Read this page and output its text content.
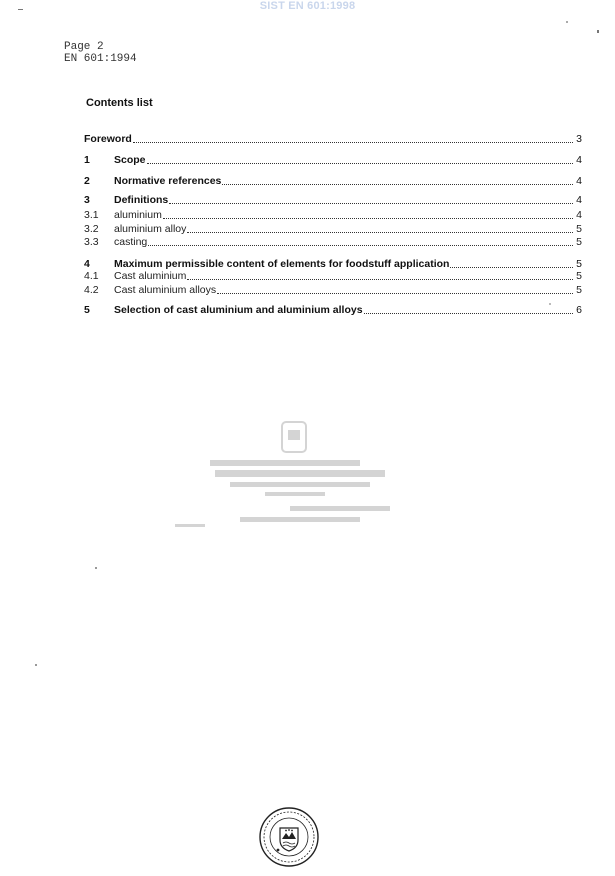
SIST EN 601:1998
Page 2
EN 601:1994
Contents list
Foreword	3
1	Scope	4
2	Normative references	4
3	Definitions	4
3.1	aluminium	4
3.2	aluminium alloy	5
3.3	casting	5
4	Maximum permissible content of elements for foodstuff application	5
4.1	Cast aluminium	5
4.2	Cast aluminium alloys	5
5	Selection of cast aluminium and aluminium alloys	6
